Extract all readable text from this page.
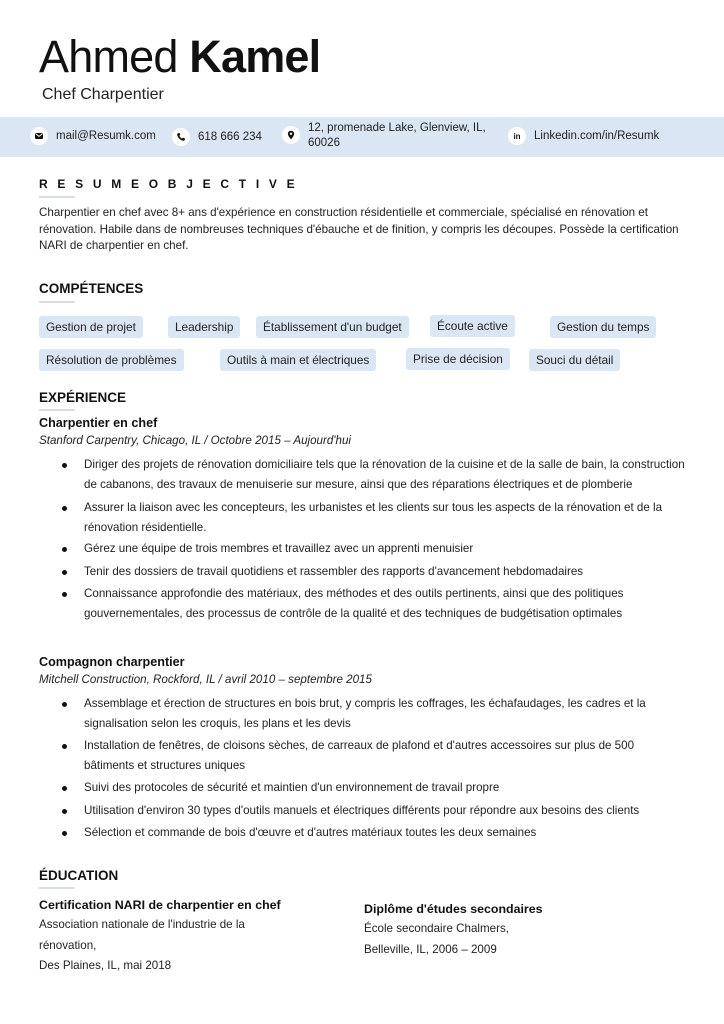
Ahmed Kamel
Chef Charpentier
mail@Resumk.com	618 666 234
12, promenade Lake, Glenview, IL,
60026
in Linkedin.com/in/Resumk
R E S U M E O B J E C T I V E

Charpentier en chef avec 8+ ans d'expérience en construction résidentielle et commerciale, spécialisé en rénovation et rénovation. Habile dans de nombreuses techniques d'ébauche et de finition, y compris les découpes. Possède la certification NARI de charpentier en chef.

COMPÉTENCES
Gestion de projet	Leadership	Établissement d'un budget	Écoute active	Gestion du temps
Résolution de problèmes	Outils à main et électriques	Prise de décision	Souci du détail
EXPÉRIENCE
Charpentier en chef
Stanford Carpentry, Chicago, IL / Octobre 2015 – Aujourd'hui
Diriger des projets de rénovation domiciliaire tels que la rénovation de la cuisine et de la salle de bain, la construction de cabanons, des travaux de menuiserie sur mesure, ainsi que des réparations électriques et de plomberie
Assurer la liaison avec les concepteurs, les urbanistes et les clients sur tous les aspects de la rénovation et de la rénovation résidentielle.
Gérez une équipe de trois membres et travaillez avec un apprenti menuisier
Tenir des dossiers de travail quotidiens et rassembler des rapports d'avancement hebdomadaires
Connaissance approfondie des matériaux, des méthodes et des outils pertinents, ainsi que des politiques gouvernementales, des processus de contrôle de la qualité et des techniques de budgétisation optimales
Compagnon charpentier
Mitchell Construction, Rockford, IL / avril 2010 – septembre 2015
Assemblage et érection de structures en bois brut, y compris les coffrages, les échafaudages, les cadres et la signalisation selon les croquis, les plans et les devis
Installation de fenêtres, de cloisons sèches, de carreaux de plafond et d'autres accessoires sur plus de 500 bâtiments et structures uniques
Suivi des protocoles de sécurité et maintien d'un environnement de travail propre
Utilisation d'environ 30 types d'outils manuels et électriques différents pour répondre aux besoins des clients
Sélection et commande de bois d'œuvre et d'autres matériaux toutes les deux semaines
ÉDUCATION
Certification NARI de charpentier en chef
Association nationale de l'industrie de la
rénovation,
Des Plaines, IL, mai 2018
Diplôme d'études secondaires
École secondaire Chalmers,
Belleville, IL, 2006 – 2009
